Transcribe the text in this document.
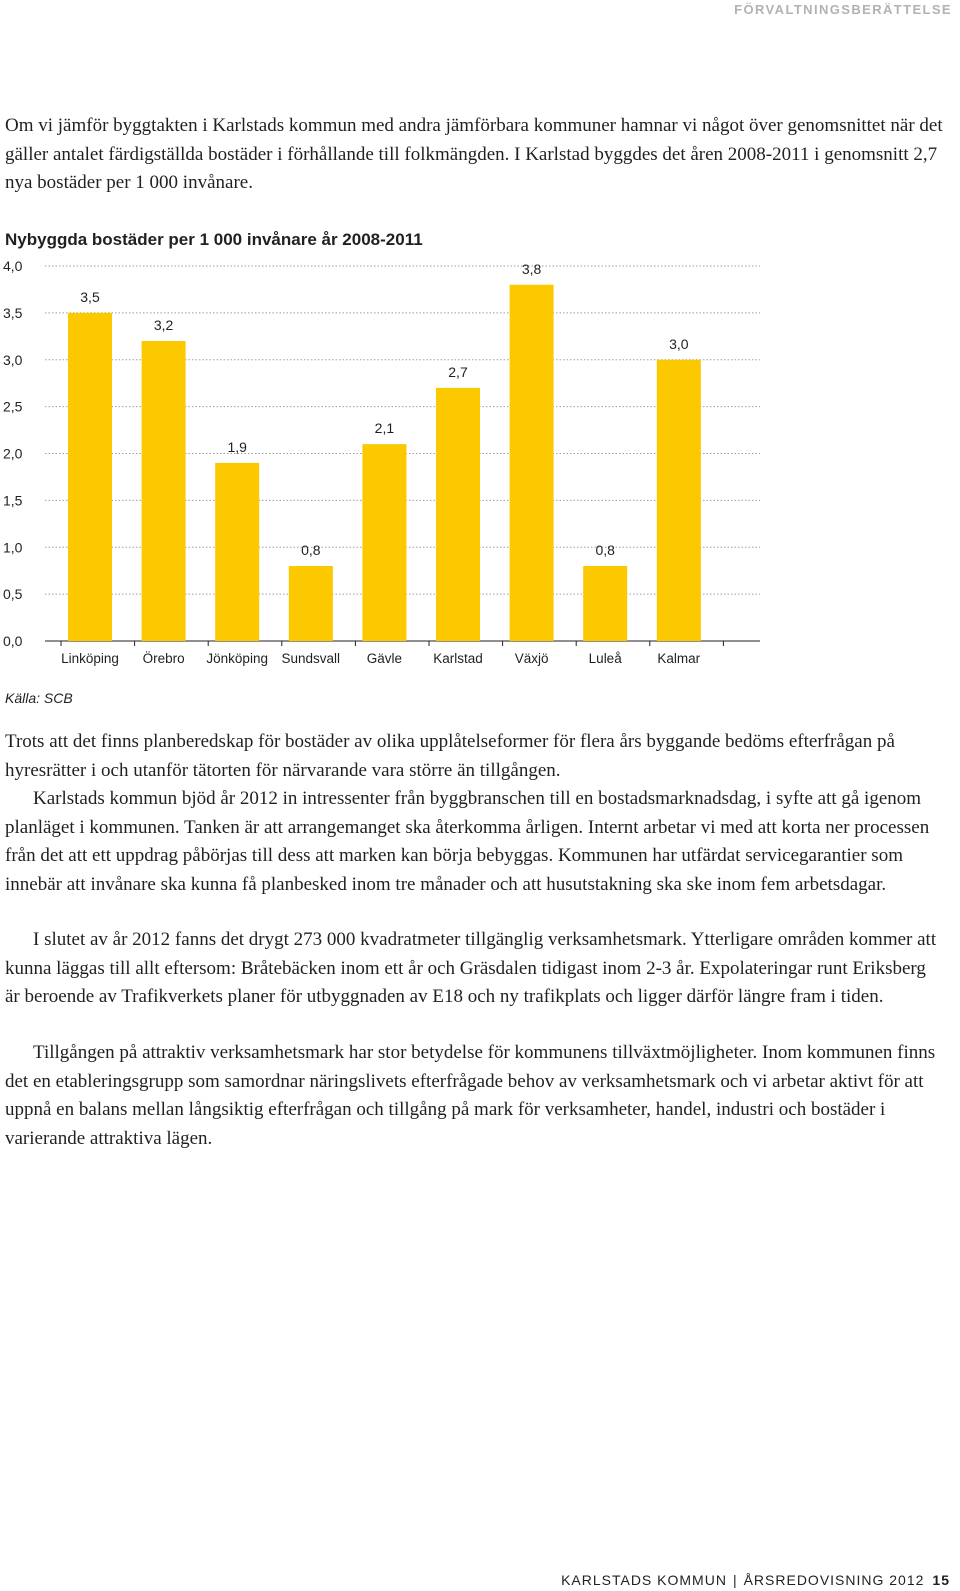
FÖRVALTNINGSBERÄTTELSE

Om vi jämför byggtakten i Karlstads kommun med andra jämförbara kommuner hamnar vi något över genomsnittet när det gäller antalet färdigställda bostäder i förhållande till folkmängden. I Karlstad byggdes det åren 2008-2011 i genomsnitt 2,7 nya bostäder per 1 000 invånare.

Nybyggda bostäder per 1 000 invånare år 2008-2011
0,0
0,5
1,0
1,5
2,0
2,5
3,0
3,5
4,0
3,5
3,2
1,9
0,8
2,1
2,7
3,8
0,8
3,0
Linköping Örebro Jönköping Sundsvall Gävle Karlstad Växjö	Luleå	Kalmar
Källa: SCB

Trots att det finns planberedskap för bostäder av olika upplåtelseformer för flera års byggande bedöms efterfrågan på hyresrätter i och utanför tätorten för närvarande vara större än tillgången.

Karlstads kommun bjöd år 2012 in intressenter från byggbranschen till en bostadsmarknadsdag, i syfte att gå igenom planläget i kommunen. Tanken är att arrangemanget ska återkomma årligen. Internt arbetar vi med att korta ner processen från det att ett uppdrag påbörjas till dess att marken kan börja bebyggas. Kommunen har utfärdat servicegarantier som innebär att invånare ska kunna få planbesked inom tre månader och att husutstakning ska ske inom fem arbetsdagar.

I slutet av år 2012 fanns det drygt 273 000 kvadratmeter tillgänglig verksamhetsmark. Ytterligare områden kommer att kunna läggas till allt eftersom: Bråtebäcken inom ett år och Gräsdalen tidigast inom 2-3 år. Expolateringar runt Eriksberg är beroende av Trafikverkets planer för utbyggnaden av E18 och ny trafikplats och ligger därför längre fram i tiden.

Tillgången på attraktiv verksamhetsmark har stor betydelse för kommunens tillväxtmöjligheter. Inom kommunen finns det en etableringsgrupp som samordnar näringslivets efterfrågade behov av verksamhetsmark och vi arbetar aktivt för att uppnå en balans mellan långsiktig efterfrågan och tillgång på mark för verksamheter, handel, industri och bostäder i varierande attraktiva lägen.

KARLSTADS KOMMUN | ÅRSREDOVISNING 2012 15
